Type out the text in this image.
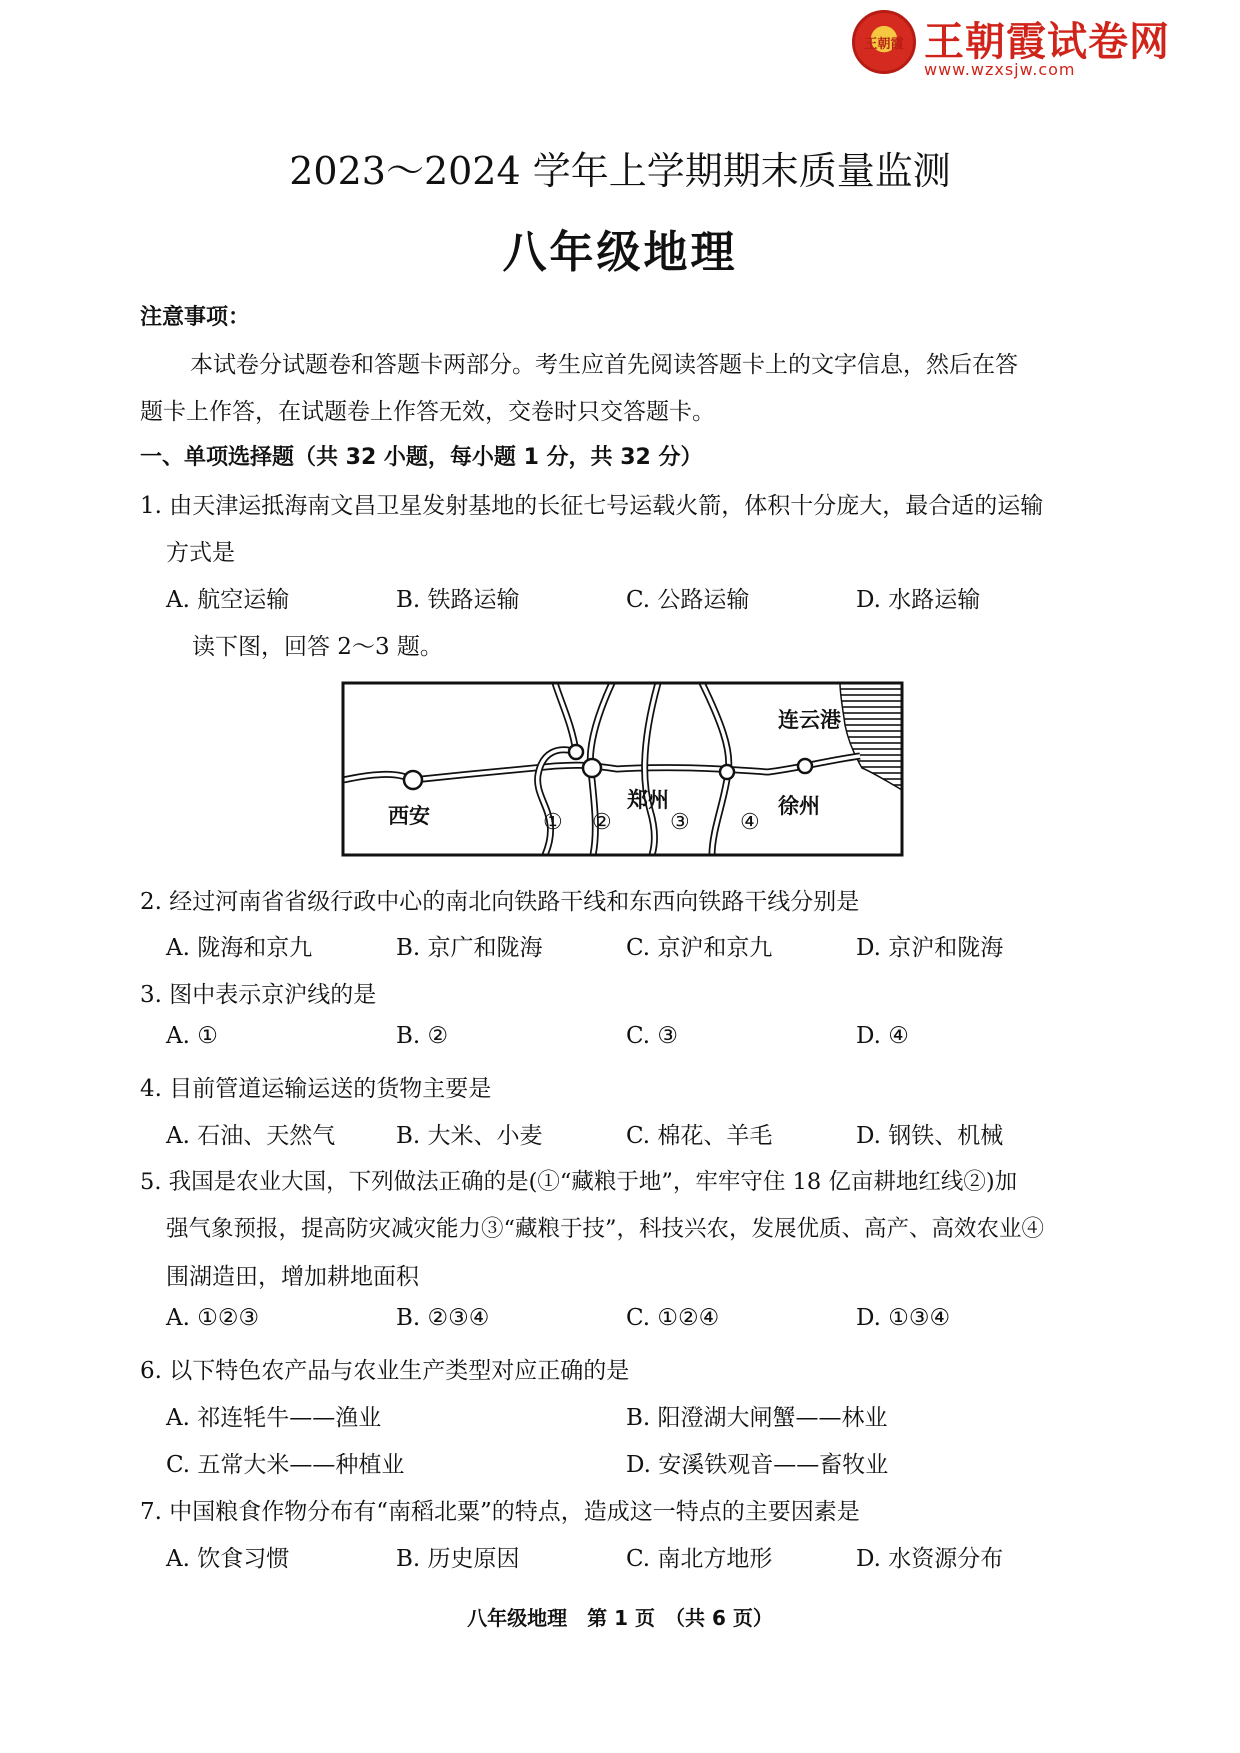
王朝霞 王朝霞试卷网
www.wzxsjw.com
2023～2024 学年上学期期末质量监测
八年级地理
注意事项：
本试卷分试题卷和答题卡两部分。考生应首先阅读答题卡上的文字信息，然后在答
题卡上作答，在试题卷上作答无效，交卷时只交答题卡。
一、单项选择题（共 32 小题，每小题 1 分，共 32 分）
1. 由天津运抵海南文昌卫星发射基地的长征七号运载火箭，体积十分庞大，最合适的运输
方式是
A. 航空运输	B. 铁路运输	C. 公路运输	D. 水路运输
读下图，回答 2～3 题。
连云港
西安
郑州	徐州
① ②	③ ④
2. 经过河南省省级行政中心的南北向铁路干线和东西向铁路干线分别是
A. 陇海和京九	B. 京广和陇海	C. 京沪和京九	D. 京沪和陇海
3. 图中表示京沪线的是
A. ①	B. ②	C. ③	D. ④
4. 目前管道运输运送的货物主要是
A. 石油、天然气	B. 大米、小麦	C. 棉花、羊毛	D. 钢铁、机械
5. 我国是农业大国，下列做法正确的是(①“藏粮于地”，牢牢守住 18 亿亩耕地红线②)加
强气象预报，提高防灾减灾能力③“藏粮于技”，科技兴农，发展优质、高产、高效农业④
围湖造田，增加耕地面积
A. ①②③	B. ②③④	C. ①②④	D. ①③④
6. 以下特色农产品与农业生产类型对应正确的是
A. 祁连牦牛——渔业	B. 阳澄湖大闸蟹——林业
C. 五常大米——种植业	D. 安溪铁观音——畜牧业
7. 中国粮食作物分布有“南稻北粟”的特点，造成这一特点的主要因素是
A. 饮食习惯	B. 历史原因	C. 南北方地形	D. 水资源分布
八年级地理　第 1 页　（共 6 页）
